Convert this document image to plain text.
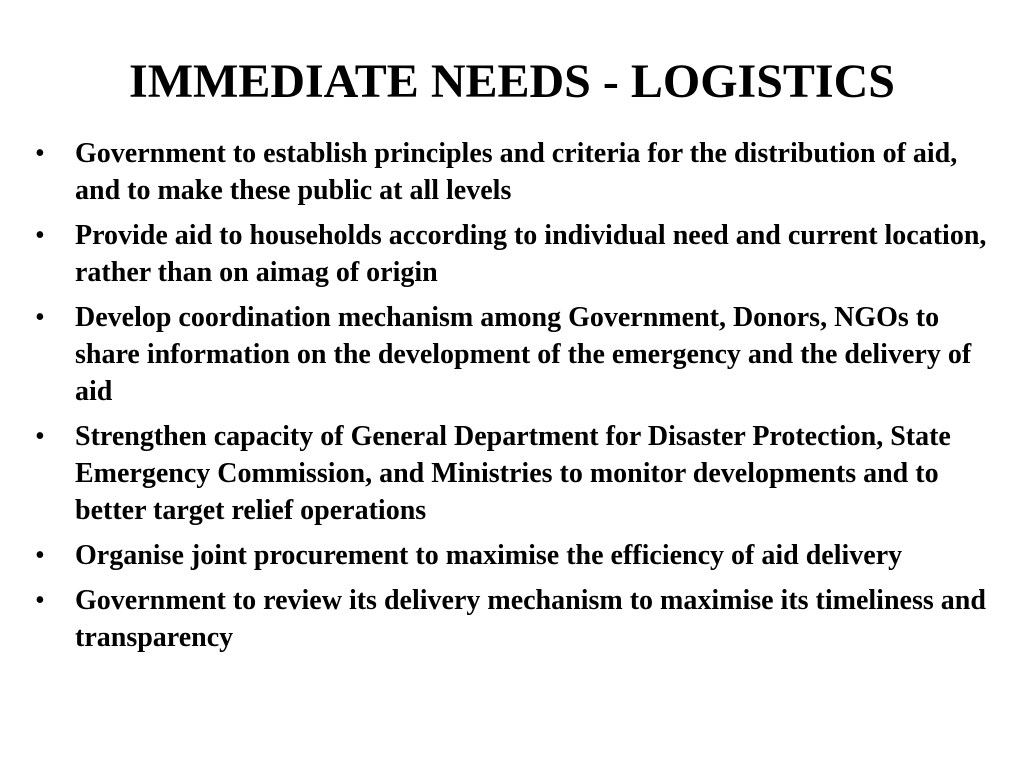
IMMEDIATE NEEDS - LOGISTICS
• Government to establish principles and criteria for the distribution of aid, and to make these public at all levels
• Provide aid to households according to individual need and current location, rather than on aimag of origin
• Develop coordination mechanism among Government, Donors, NGOs to share information on the development of the emergency and the delivery of aid
• Strengthen capacity of General Department for Disaster Protection, State Emergency Commission, and Ministries to monitor developments and to better target relief operations
• Organise joint procurement to maximise the efficiency of aid delivery
• Government to review its delivery mechanism to maximise its timeliness and transparency
